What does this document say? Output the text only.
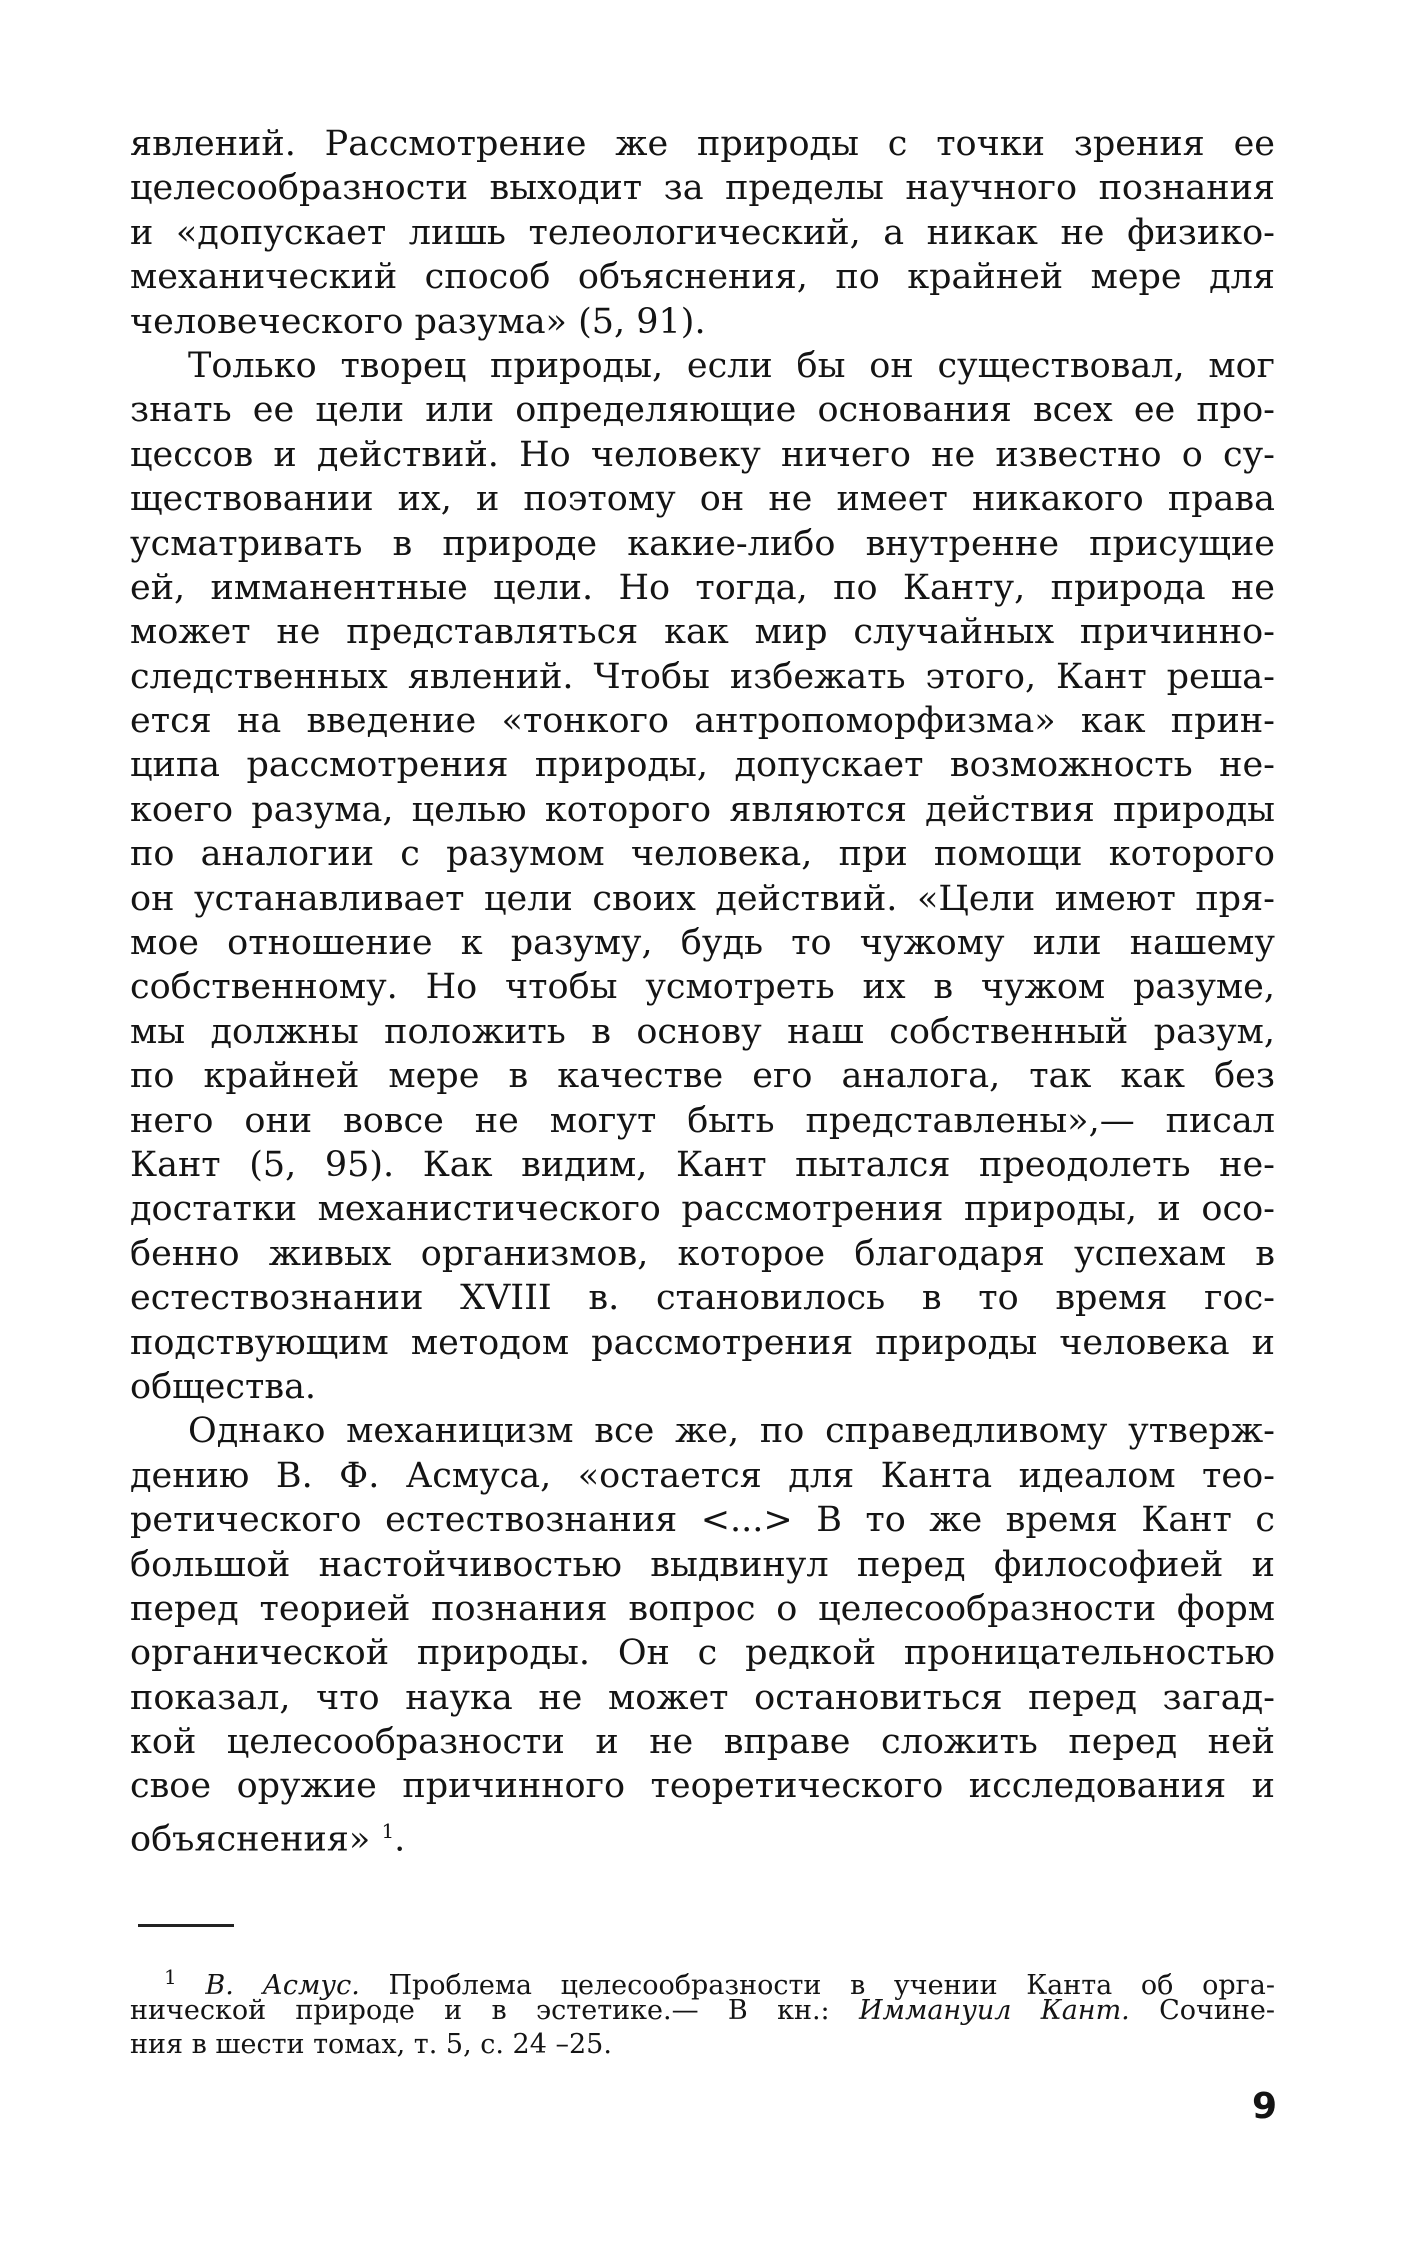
явлений. Рассмотрение же природы с точки зрения ее
целесообразности выходит за пределы научного познания
и «допускает лишь телеологический, а никак не физико-
механический способ объяснения, по крайней мере для
человеческого разума» (5, 91).
Только творец природы, если бы он существовал, мог
знать ее цели или определяющие основания всех ее про-
цессов и действий. Но человеку ничего не известно о су-
ществовании их, и поэтому он не имеет никакого права
усматривать в природе какие-либо внутренне присущие
ей, имманентные цели. Но тогда, по Канту, природа не
может не представляться как мир случайных причинно-
следственных явлений. Чтобы избежать этого, Кант реша-
ется на введение «тонкого антропоморфизма» как прин-
ципа рассмотрения природы, допускает возможность не-
коего разума, целью которого являются действия природы
по аналогии с разумом человека, при помощи которого
он устанавливает цели своих действий. «Цели имеют пря-
мое отношение к разуму, будь то чужому или нашему
собственному. Но чтобы усмотреть их в чужом разуме,
мы должны положить в основу наш собственный разум,
по крайней мере в качестве его аналога, так как без
него они вовсе не могут быть представлены»,— писал
Кант (5, 95). Как видим, Кант пытался преодолеть не-
достатки механистического рассмотрения природы, и осо-
бенно живых организмов, которое благодаря успехам в
естествознании XVIII в. становилось в то время гос-
подствующим методом рассмотрения природы человека и
общества.
Однако механицизм все же, по справедливому утверж-
дению В. Ф. Асмуса, «остается для Канта идеалом тео-
ретического естествознания <...> В то же время Кант с
большой настойчивостью выдвинул перед философией и
перед теорией познания вопрос о целесообразности форм
органической природы. Он с редкой проницательностью
показал, что наука не может остановиться перед загад-
кой целесообразности и не вправе сложить перед ней
свое оружие причинного теоретического исследования и
объяснения» $^1$.
$^1$ В. Асмус. Проблема целесообразности в учении Канта об орга-
нической природе и в эстетике.— В кн.: Иммануил Кант. Сочине-
ния в шести томах, т. 5, с. 24 –25.
9
